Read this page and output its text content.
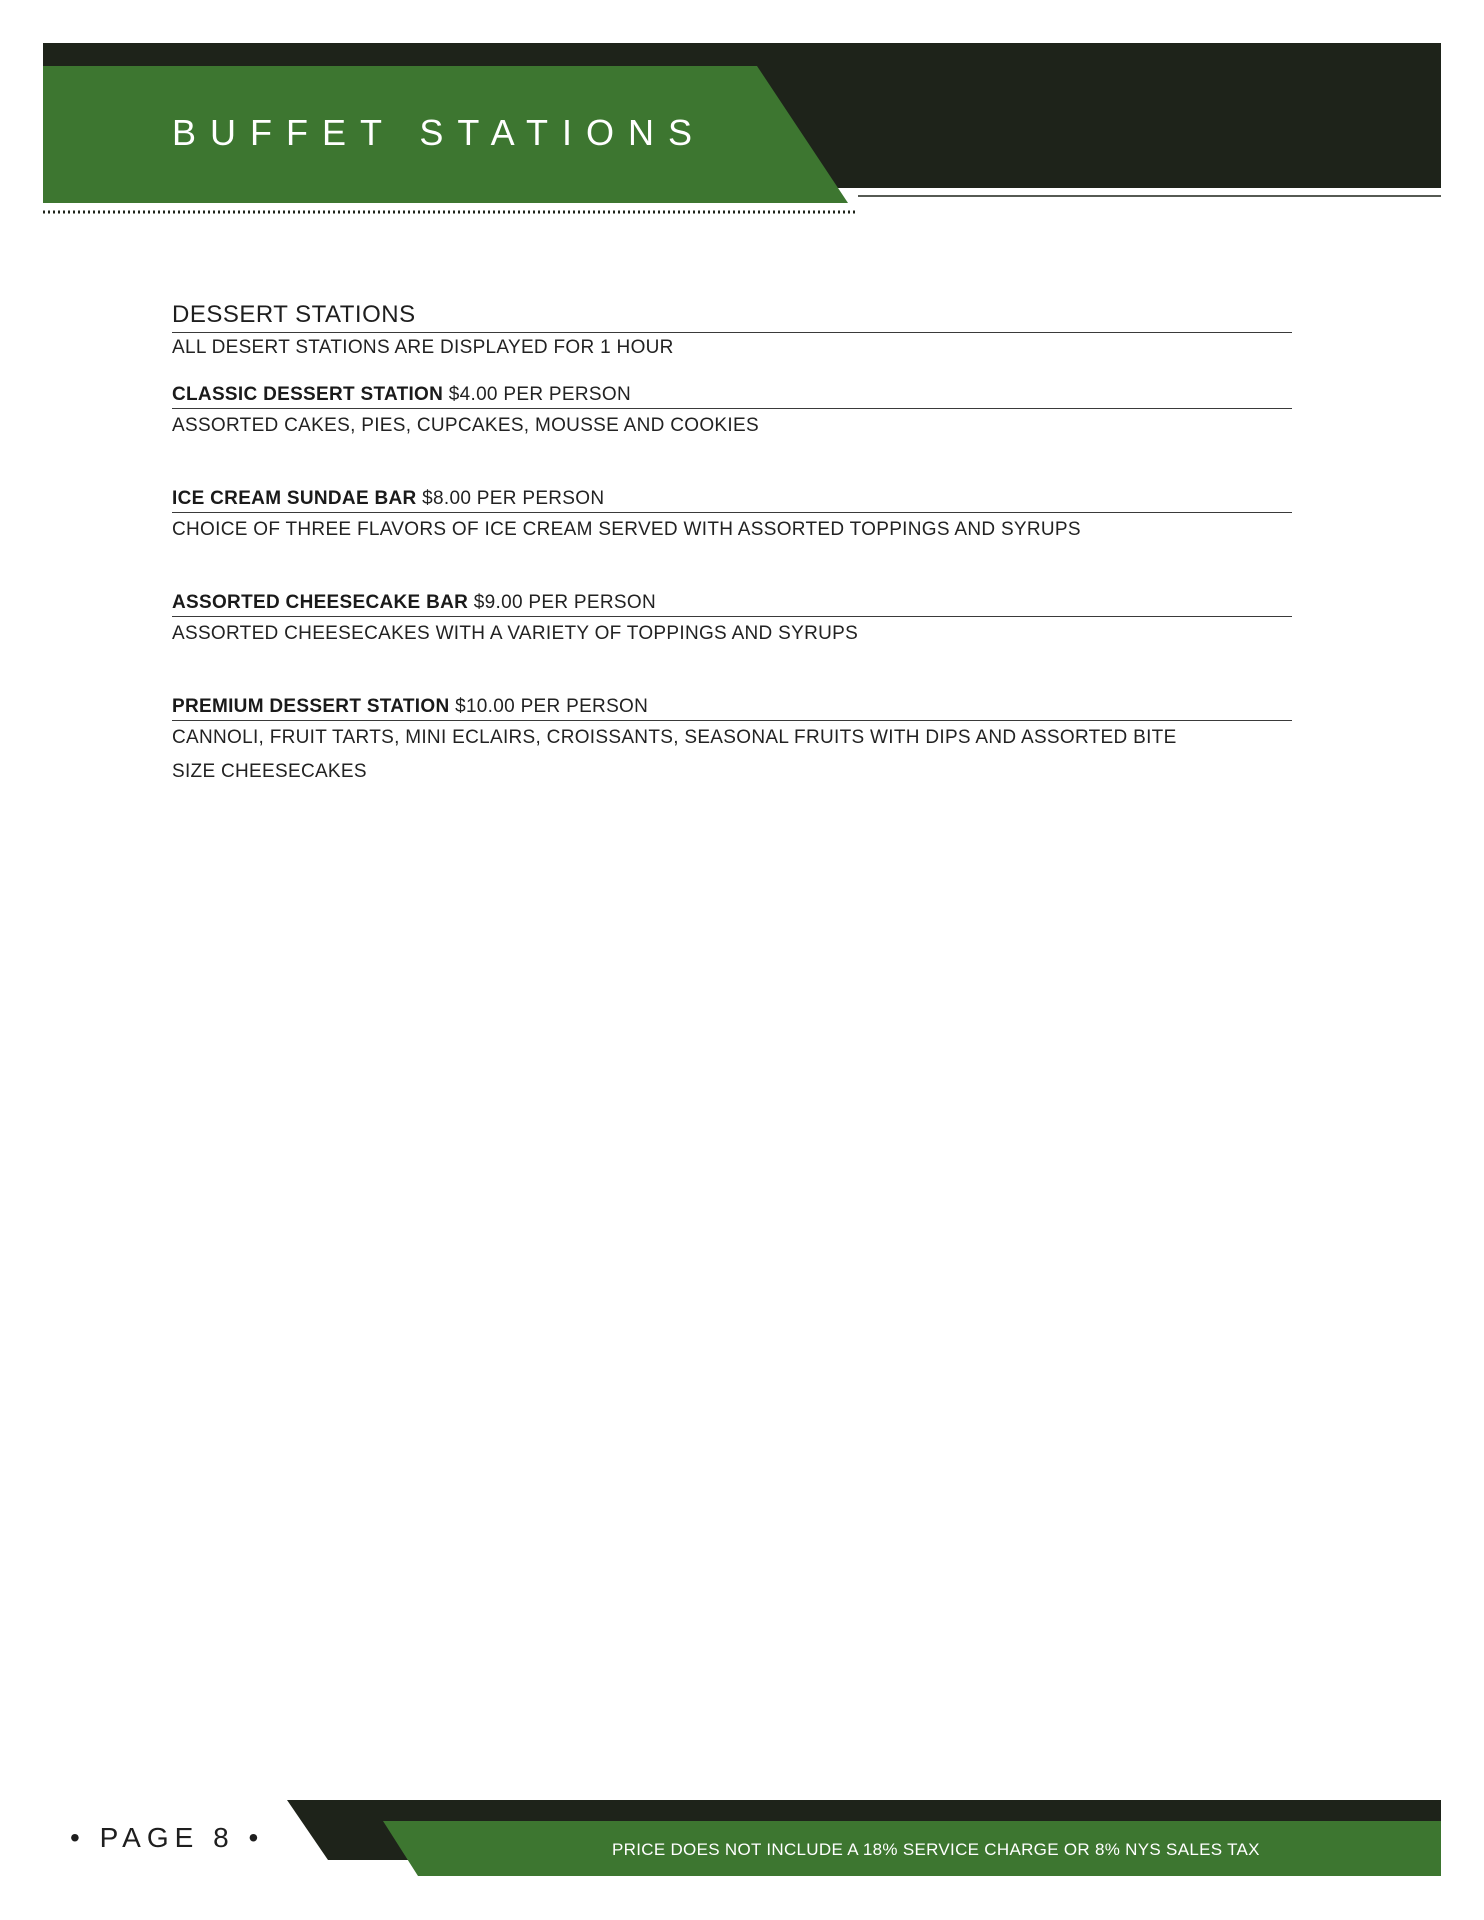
BUFFET STATIONS
DESSERT STATIONS
ALL DESERT STATIONS ARE DISPLAYED FOR 1 HOUR
CLASSIC DESSERT STATION $4.00 PER PERSON
ASSORTED CAKES, PIES, CUPCAKES, MOUSSE AND COOKIES
ICE CREAM SUNDAE BAR $8.00 PER PERSON
CHOICE OF THREE FLAVORS OF ICE CREAM SERVED WITH ASSORTED TOPPINGS AND SYRUPS
ASSORTED CHEESECAKE BAR $9.00 PER PERSON
ASSORTED CHEESECAKES WITH A VARIETY OF TOPPINGS AND SYRUPS
PREMIUM DESSERT STATION $10.00 PER PERSON
CANNOLI, FRUIT TARTS, MINI ECLAIRS, CROISSANTS, SEASONAL FRUITS WITH DIPS AND ASSORTED BITE SIZE CHEESECAKES
• PAGE 8 •	PRICE DOES NOT INCLUDE A 18% SERVICE CHARGE OR 8% NYS SALES TAX
